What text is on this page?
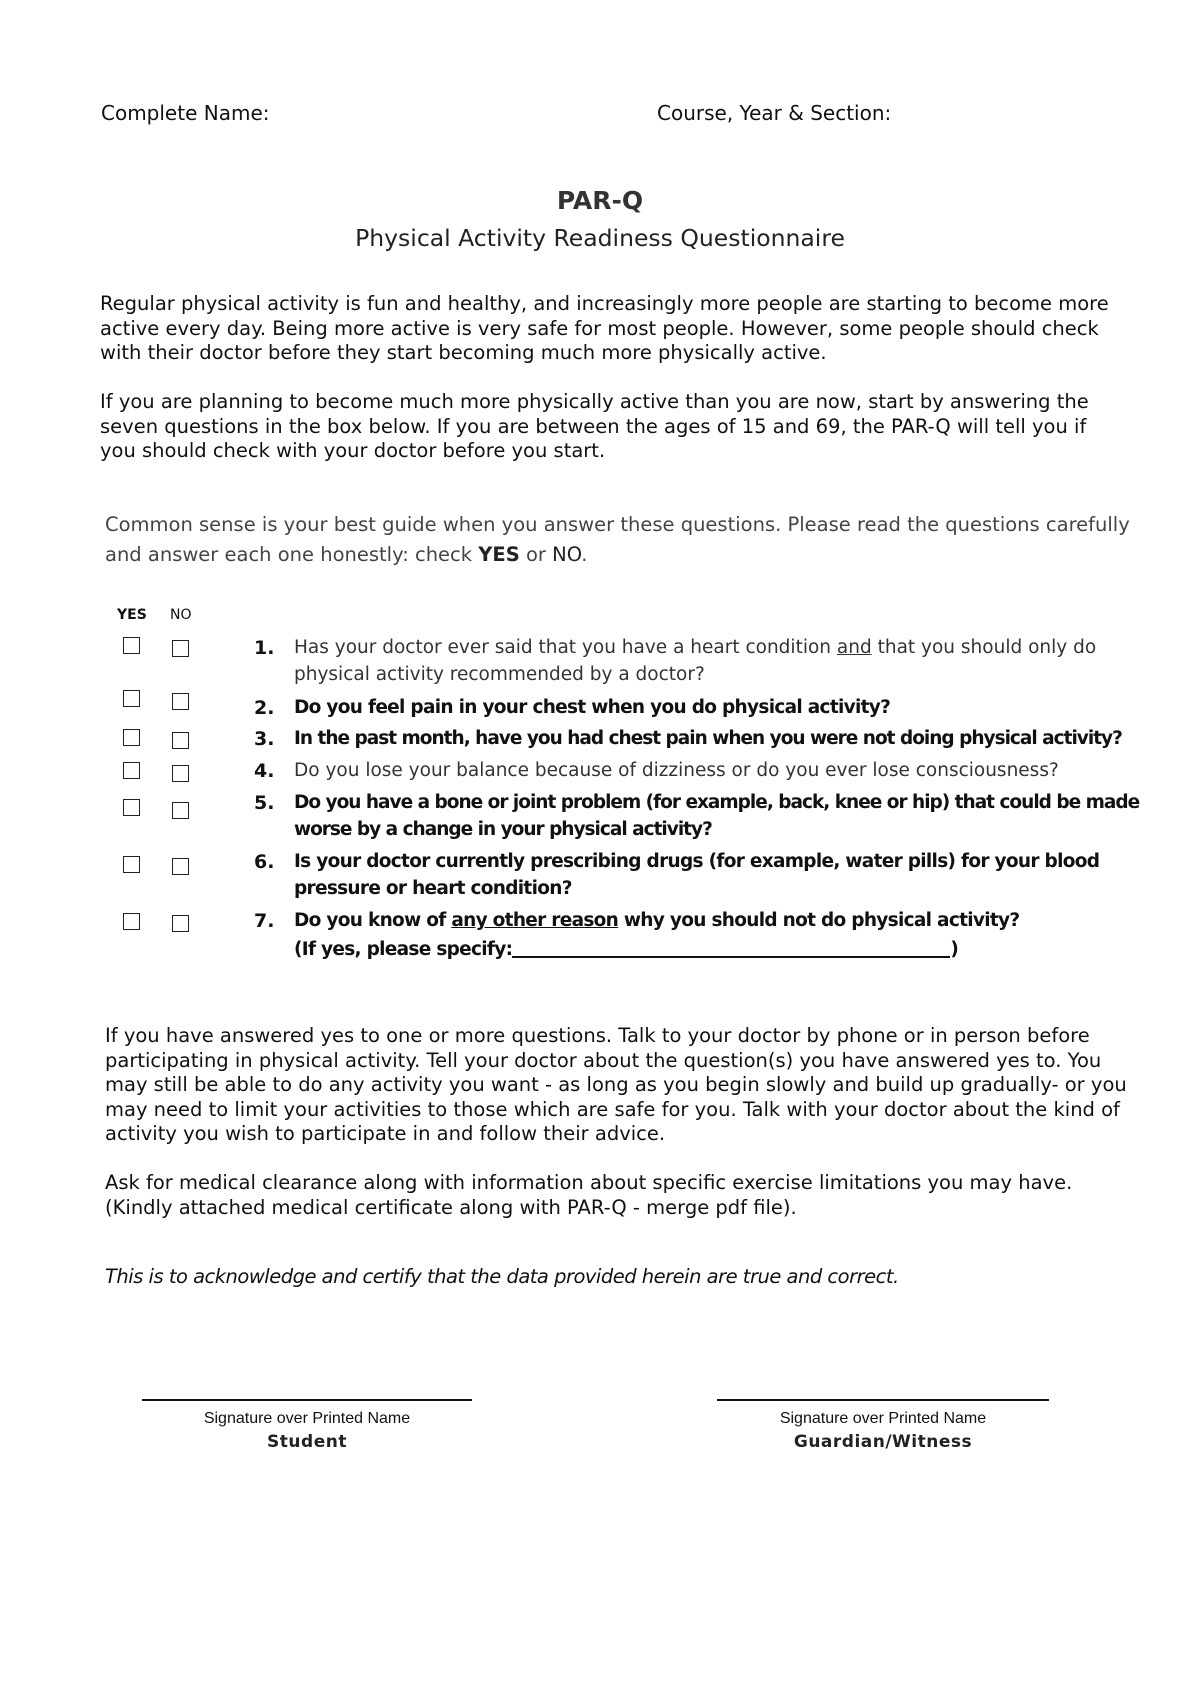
Complete Name:	Course, Year & Section:
PAR-Q
Physical Activity Readiness Questionnaire
Regular physical activity is fun and healthy, and increasingly more people are starting to become more
active every day. Being more active is very safe for most people. However, some people should check
with their doctor before they start becoming much more physically active.
If you are planning to become much more physically active than you are now, start by answering the
seven questions in the box below. If you are between the ages of 15 and 69, the PAR-Q will tell you if
you should check with your doctor before you start.
Common sense is your best guide when you answer these questions. Please read the questions carefully
and answer each one honestly: check YES or NO.
YES NO
1.	Has your doctor ever said that you have a heart condition and that you should only do
physical activity recommended by a doctor?
2.	Do you feel pain in your chest when you do physical activity?
3.	In the past month, have you had chest pain when you were not doing physical activity?
4.	Do you lose your balance because of dizziness or do you ever lose consciousness?
5.	Do you have a bone or joint problem (for example, back, knee or hip) that could be made
worse by a change in your physical activity?
6.	Is your doctor currently prescribing drugs (for example, water pills) for your blood
pressure or heart condition?
7.	Do you know of any other reason why you should not do physical activity?
(If yes, please specify:	)
If you have answered yes to one or more questions. Talk to your doctor by phone or in person before
participating in physical activity. Tell your doctor about the question(s) you have answered yes to. You
may still be able to do any activity you want - as long as you begin slowly and build up gradually- or you
may need to limit your activities to those which are safe for you. Talk with your doctor about the kind of
activity you wish to participate in and follow their advice.
Ask for medical clearance along with information about specific exercise limitations you may have.
(Kindly attached medical certificate along with PAR-Q - merge pdf file).
This is to acknowledge and certify that the data provided herein are true and correct.
Signature over Printed Name
Student
Signature over Printed Name
Guardian/Witness
